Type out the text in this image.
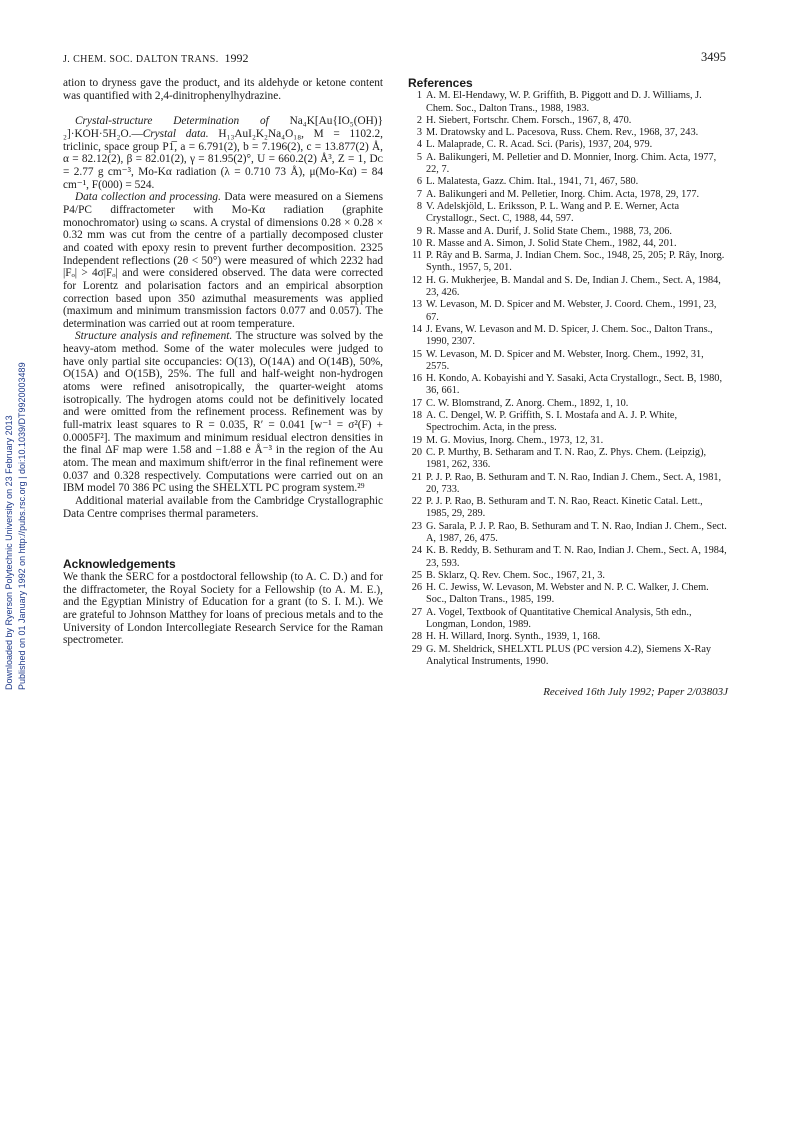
J. CHEM. SOC. DALTON TRANS. 1992	3495
Downloaded by Ryerson Polytechnic University on 23 February 2013 Published on 01 January 1992 on http://pubs.rsc.org | doi:10.1039/DT9920003489

ation to dryness gave the product, and its aldehyde or ketone content was quantified with 2,4-dinitrophenylhydrazine.

Crystal-structure Determination of Na₄K[Au{IO₅(OH)}₂]·KOH·5H₂O.—Crystal data. H₁₃AuI₂K₂Na₄O₁₈, M = 1102.2, triclinic, space group P1̅, a = 6.791(2), b = 7.196(2), c = 13.877(2) Å, α = 82.12(2), β = 82.01(2), γ = 81.95(2)°, U = 660.2(2) Å³, Z = 1, Dᴄ = 2.77 g cm⁻³, Mo-Kα radiation (λ = 0.710 73 Å), μ(Mo-Kα) = 84 cm⁻¹, F(000) = 524.

Data collection and processing. Data were measured on a Siemens P4/PC diffractometer with Mo-Kα radiation (graphite monochromator) using ω scans. A crystal of dimensions 0.28 × 0.28 × 0.32 mm was cut from the centre of a partially decomposed cluster and coated with epoxy resin to prevent further decomposition. 2325 Independent reflections (2θ < 50°) were measured of which 2232 had |Fₒ| > 4σ|Fₒ| and were considered observed. The data were corrected for Lorentz and polarisation factors and an empirical absorption correction based upon 350 azimuthal measurements was applied (maximum and minimum transmission factors 0.077 and 0.057). The determination was carried out at room temperature.

Structure analysis and refinement. The structure was solved by the heavy-atom method. Some of the water molecules were judged to have only partial site occupancies: O(13), O(14A) and O(14B), 50%, O(15A) and O(15B), 25%. The full and half-weight non-hydrogen atoms were refined anisotropically, the quarter-weight atoms isotropically. The hydrogen atoms could not be definitively located and were omitted from the refinement process. Refinement was by full-matrix least squares to R = 0.035, R′ = 0.041 [w⁻¹ = σ²(F) + 0.0005F²]. The maximum and minimum residual electron densities in the final ΔF map were 1.58 and −1.88 e Å⁻³ in the region of the Au atom. The mean and maximum shift/error in the final refinement were 0.037 and 0.328 respectively. Computations were carried out on an IBM model 70 386 PC using the SHELXTL PC program system.²⁹

Additional material available from the Cambridge Crystallographic Data Centre comprises thermal parameters.

Acknowledgements

We thank the SERC for a postdoctoral fellowship (to A. C. D.) and for the diffractometer, the Royal Society for a Fellowship (to A. M. E.), and the Egyptian Ministry of Education for a grant (to S. I. M.). We are grateful to Johnson Matthey for loans of precious metals and to the University of London Intercollegiate Research Service for the Raman spectrometer.

References

1 A. M. El-Hendawy, W. P. Griffith, B. Piggott and D. J. Williams, J. Chem. Soc., Dalton Trans., 1988, 1983.

2 H. Siebert, Fortschr. Chem. Forsch., 1967, 8, 470.

3 M. Dratowsky and L. Pacesova, Russ. Chem. Rev., 1968, 37, 243.

4 L. Malaprade, C. R. Acad. Sci. (Paris), 1937, 204, 979.

5 A. Balikungeri, M. Pelletier and D. Monnier, Inorg. Chim. Acta, 1977, 22, 7.

6 L. Malatesta, Gazz. Chim. Ital., 1941, 71, 467, 580.

7 A. Balikungeri and M. Pelletier, Inorg. Chim. Acta, 1978, 29, 177.

8 V. Adelskjöld, L. Eriksson, P. L. Wang and P. E. Werner, Acta Crystallogr., Sect. C, 1988, 44, 597.

9 R. Masse and A. Durif, J. Solid State Chem., 1988, 73, 206.

10 R. Masse and A. Simon, J. Solid State Chem., 1982, 44, 201.

11 P. Rây and B. Sarma, J. Indian Chem. Soc., 1948, 25, 205; P. Rây, Inorg. Synth., 1957, 5, 201.

12 H. G. Mukherjee, B. Mandal and S. De, Indian J. Chem., Sect. A, 1984, 23, 426.

13 W. Levason, M. D. Spicer and M. Webster, J. Coord. Chem., 1991, 23, 67.

14 J. Evans, W. Levason and M. D. Spicer, J. Chem. Soc., Dalton Trans., 1990, 2307.

15 W. Levason, M. D. Spicer and M. Webster, Inorg. Chem., 1992, 31, 2575.

16 H. Kondo, A. Kobayishi and Y. Sasaki, Acta Crystallogr., Sect. B, 1980, 36, 661.

17 C. W. Blomstrand, Z. Anorg. Chem., 1892, 1, 10.

18 A. C. Dengel, W. P. Griffith, S. I. Mostafa and A. J. P. White, Spectrochim. Acta, in the press.

19 M. G. Movius, Inorg. Chem., 1973, 12, 31.

20 C. P. Murthy, B. Setharam and T. N. Rao, Z. Phys. Chem. (Leipzig), 1981, 262, 336.

21 P. J. P. Rao, B. Sethuram and T. N. Rao, Indian J. Chem., Sect. A, 1981, 20, 733.

22 P. J. P. Rao, B. Sethuram and T. N. Rao, React. Kinetic Catal. Lett., 1985, 29, 289.

23 G. Sarala, P. J. P. Rao, B. Sethuram and T. N. Rao, Indian J. Chem., Sect. A, 1987, 26, 475.

24 K. B. Reddy, B. Sethuram and T. N. Rao, Indian J. Chem., Sect. A, 1984, 23, 593.

25 B. Sklarz, Q. Rev. Chem. Soc., 1967, 21, 3.

26 H. C. Jewiss, W. Levason, M. Webster and N. P. C. Walker, J. Chem. Soc., Dalton Trans., 1985, 199.

27 A. Vogel, Textbook of Quantitative Chemical Analysis, 5th edn., Longman, London, 1989.

28 H. H. Willard, Inorg. Synth., 1939, 1, 168.

29 G. M. Sheldrick, SHELXTL PLUS (PC version 4.2), Siemens X-Ray Analytical Instruments, 1990.

Received 16th July 1992; Paper 2/03803J
